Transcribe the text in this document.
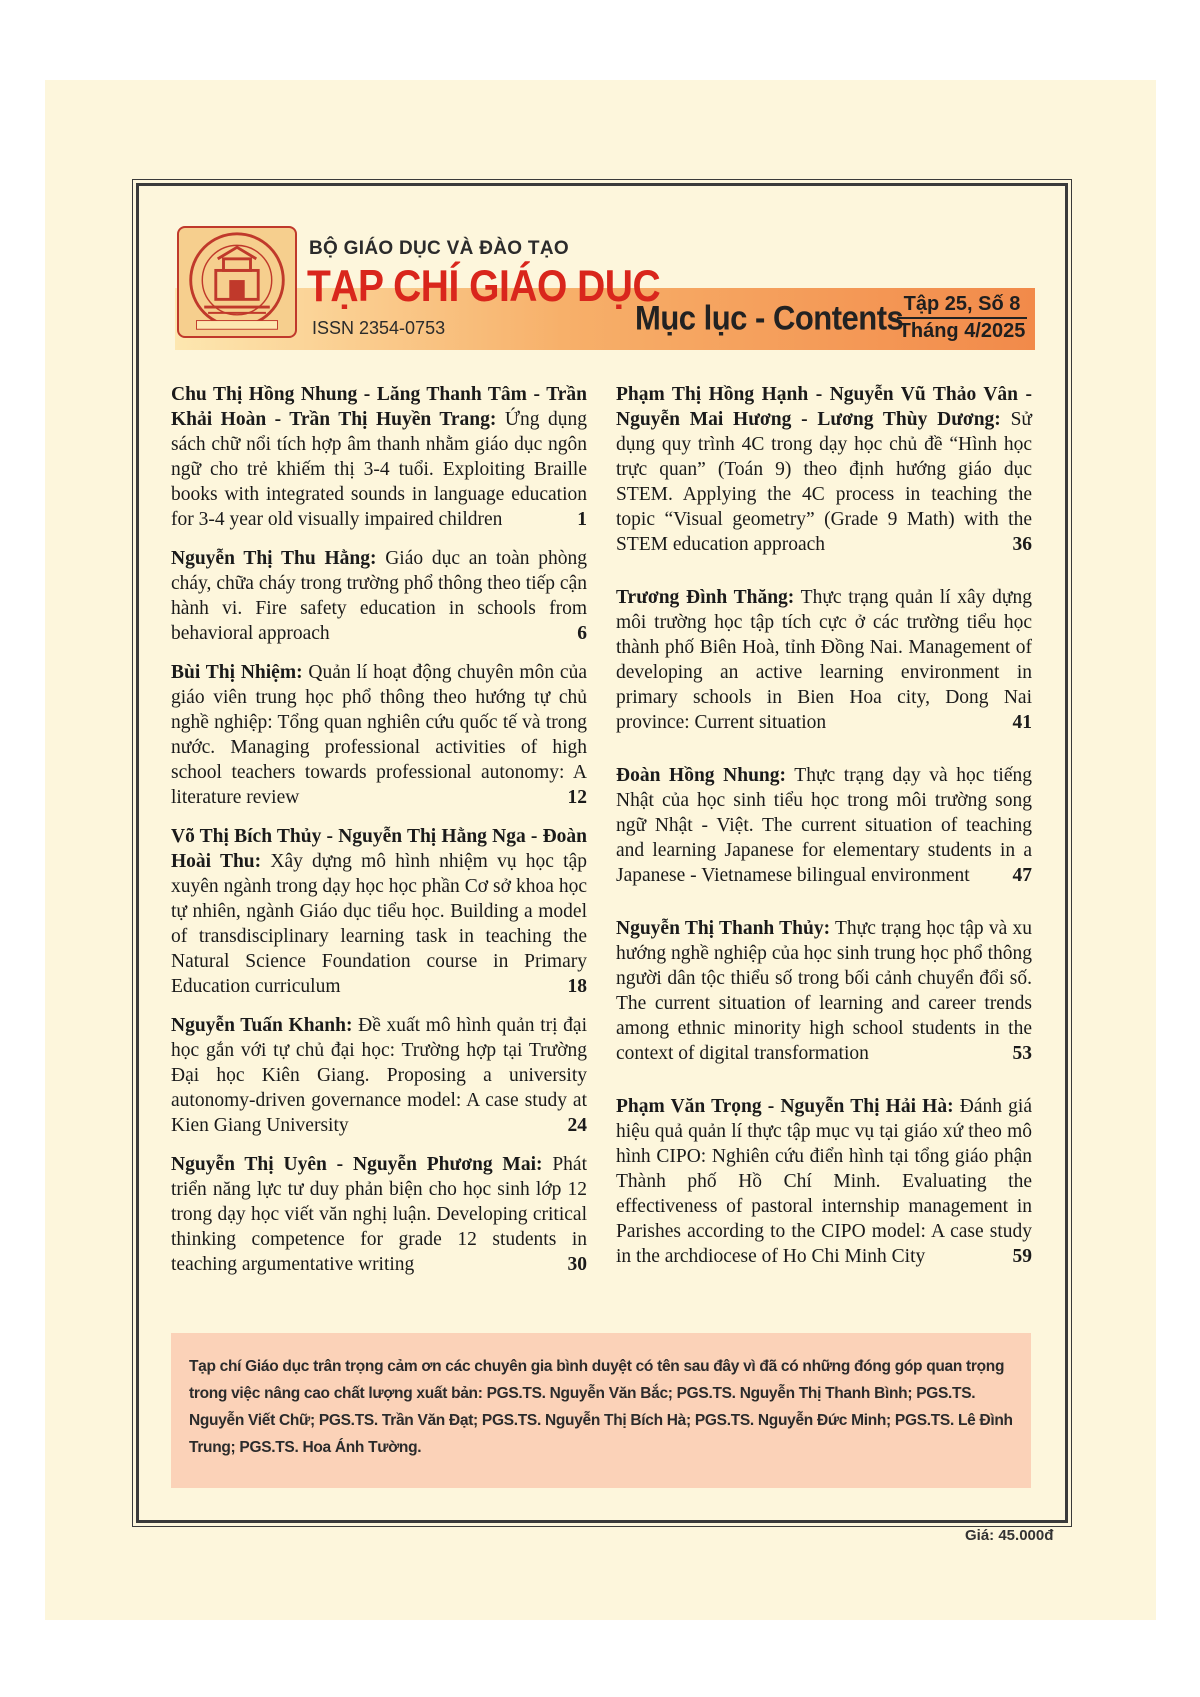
BỘ GIÁO DỤC VÀ ĐÀO TẠO
TẠP CHÍ GIÁO DỤC
ISSN 2354-0753	Mục lục - Contents Tập 25, Số 8
Tháng 4/2025
Chu Thị Hồng Nhung - Lăng Thanh Tâm - Trần Khải Hoàn - Trần Thị Huyền Trang: Ứng dụng sách chữ nổi tích hợp âm thanh nhằm giáo dục ngôn ngữ cho trẻ khiếm thị 3-4 tuổi. Exploiting Braille books with integrated sounds in language education for 3-4 year old visually impaired children	1
Nguyễn Thị Thu Hằng: Giáo dục an toàn phòng cháy, chữa cháy trong trường phổ thông theo tiếp cận hành vi. Fire safety education in schools from behavioral approach	6
Bùi Thị Nhiệm: Quản lí hoạt động chuyên môn của giáo viên trung học phổ thông theo hướng tự chủ nghề nghiệp: Tổng quan nghiên cứu quốc tế và trong nước. Managing professional activities of high school teachers towards professional autonomy: A literature review	12
Võ Thị Bích Thủy - Nguyễn Thị Hằng Nga - Đoàn Hoài Thu: Xây dựng mô hình nhiệm vụ học tập xuyên ngành trong dạy học học phần Cơ sở khoa học tự nhiên, ngành Giáo dục tiểu học. Building a model of transdisciplinary learning task in teaching the Natural Science Foundation course in Primary Education curriculum	18
Nguyễn Tuấn Khanh: Đề xuất mô hình quản trị đại học gắn với tự chủ đại học: Trường hợp tại Trường Đại học Kiên Giang. Proposing a university autonomy-driven governance model: A case study at Kien Giang University	24
Nguyễn Thị Uyên - Nguyễn Phương Mai: Phát triển năng lực tư duy phản biện cho học sinh lớp 12 trong dạy học viết văn nghị luận. Developing critical thinking competence for grade 12 students in teaching argumentative writing	30
Phạm Thị Hồng Hạnh - Nguyễn Vũ Thảo Vân - Nguyễn Mai Hương - Lương Thùy Dương: Sử dụng quy trình 4C trong dạy học chủ đề “Hình học trực quan” (Toán 9) theo định hướng giáo dục STEM. Applying the 4C process in teaching the topic “Visual geometry” (Grade 9 Math) with the STEM education approach	36
Trương Đình Thăng: Thực trạng quản lí xây dựng môi trường học tập tích cực ở các trường tiểu học thành phố Biên Hoà, tỉnh Đồng Nai. Management of developing an active learning environment in primary schools in Bien Hoa city, Dong Nai province: Current situation	41
Đoàn Hồng Nhung: Thực trạng dạy và học tiếng Nhật của học sinh tiểu học trong môi trường song ngữ Nhật - Việt. The current situation of teaching and learning Japanese for elementary students in a Japanese - Vietnamese bilingual environment 47
Nguyễn Thị Thanh Thủy: Thực trạng học tập và xu hướng nghề nghiệp của học sinh trung học phổ thông người dân tộc thiểu số trong bối cảnh chuyển đổi số. The current situation of learning and career trends among ethnic minority high school students in the context of digital transformation	53
Phạm Văn Trọng - Nguyễn Thị Hải Hà: Đánh giá hiệu quả quản lí thực tập mục vụ tại giáo xứ theo mô hình CIPO: Nghiên cứu điển hình tại tổng giáo phận Thành phố Hồ Chí Minh. Evaluating the effectiveness of pastoral internship management in Parishes according to the CIPO model: A case study in the archdiocese of Ho Chi Minh City	59

Tạp chí Giáo dục trân trọng cảm ơn các chuyên gia bình duyệt có tên sau đây vì đã có những đóng góp quan trọng trong việc nâng cao chất lượng xuất bản: PGS.TS. Nguyễn Văn Bắc; PGS.TS. Nguyễn Thị Thanh Bình; PGS.TS. Nguyễn Viết Chữ; PGS.TS. Trần Văn Đạt; PGS.TS. Nguyễn Thị Bích Hà; PGS.TS. Nguyễn Đức Minh; PGS.TS. Lê Đình Trung; PGS.TS. Hoa Ánh Tường.

Giá: 45.000đ
